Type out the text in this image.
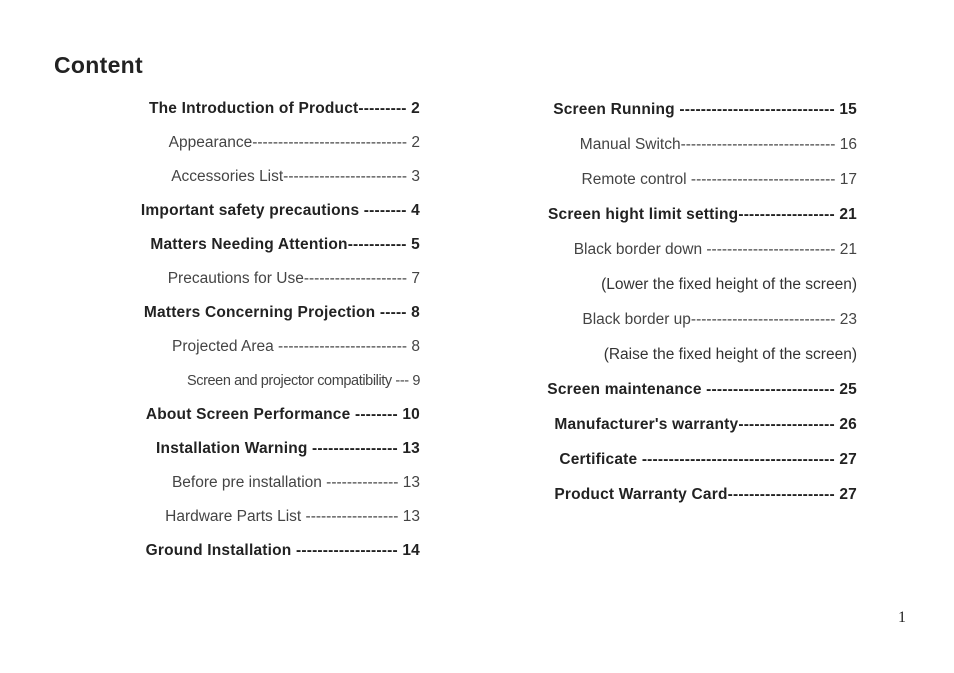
Content
The Introduction of Product--------- 2
Appearance------------------------------ 2
Accessories List------------------------ 3
Important safety precautions -------- 4
Matters Needing Attention----------- 5
Precautions for Use-------------------- 7
Matters Concerning Projection ----- 8
Projected Area ------------------------- 8
Screen and projector compatibility --- 9
About Screen Performance -------- 10
Installation Warning ---------------- 13
Before pre installation -------------- 13
Hardware Parts List ------------------ 13
Ground Installation ------------------- 14
Screen Running ----------------------------- 15
Manual Switch------------------------------ 16
Remote control ---------------------------- 17
Screen hight limit setting------------------ 21
Black border down ------------------------- 21
(Lower the fixed height of the screen)
Black border up---------------------------- 23
(Raise the fixed height of the screen)
Screen maintenance ------------------------ 25
Manufacturer's warranty------------------ 26
Certificate ------------------------------------ 27
Product Warranty Card-------------------- 27
1
